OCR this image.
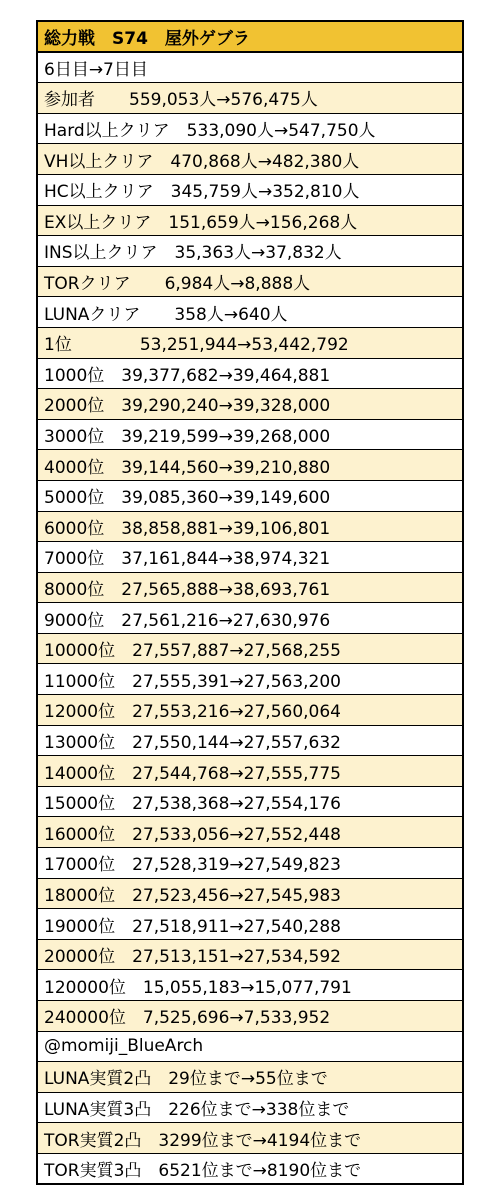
総力戦　S74　屋外ゲブラ
6日目→7日目
参加者　　559,053人→576,475人
Hard以上クリア　533,090人→547,750人
VH以上クリア　470,868人→482,380人
HC以上クリア　345,759人→352,810人
EX以上クリア　151,659人→156,268人
INS以上クリア　35,363人→37,832人
TORクリア　　6,984人→8,888人
LUNAクリア　　358人→640人
1位　　　　53,251,944→53,442,792
1000位　39,377,682→39,464,881
2000位　39,290,240→39,328,000
3000位　39,219,599→39,268,000
4000位　39,144,560→39,210,880
5000位　39,085,360→39,149,600
6000位　38,858,881→39,106,801
7000位　37,161,844→38,974,321
8000位　27,565,888→38,693,761
9000位　27,561,216→27,630,976
10000位　27,557,887→27,568,255
11000位　27,555,391→27,563,200
12000位　27,553,216→27,560,064
13000位　27,550,144→27,557,632
14000位　27,544,768→27,555,775
15000位　27,538,368→27,554,176
16000位　27,533,056→27,552,448
17000位　27,528,319→27,549,823
18000位　27,523,456→27,545,983
19000位　27,518,911→27,540,288
20000位　27,513,151→27,534,592
120000位　15,055,183→15,077,791
240000位　7,525,696→7,533,952
@momiji_BlueArch
LUNA実質2凸　29位まで→55位まで
LUNA実質3凸　226位まで→338位まで
TOR実質2凸　3299位まで→4194位まで
TOR実質3凸　6521位まで→8190位まで
